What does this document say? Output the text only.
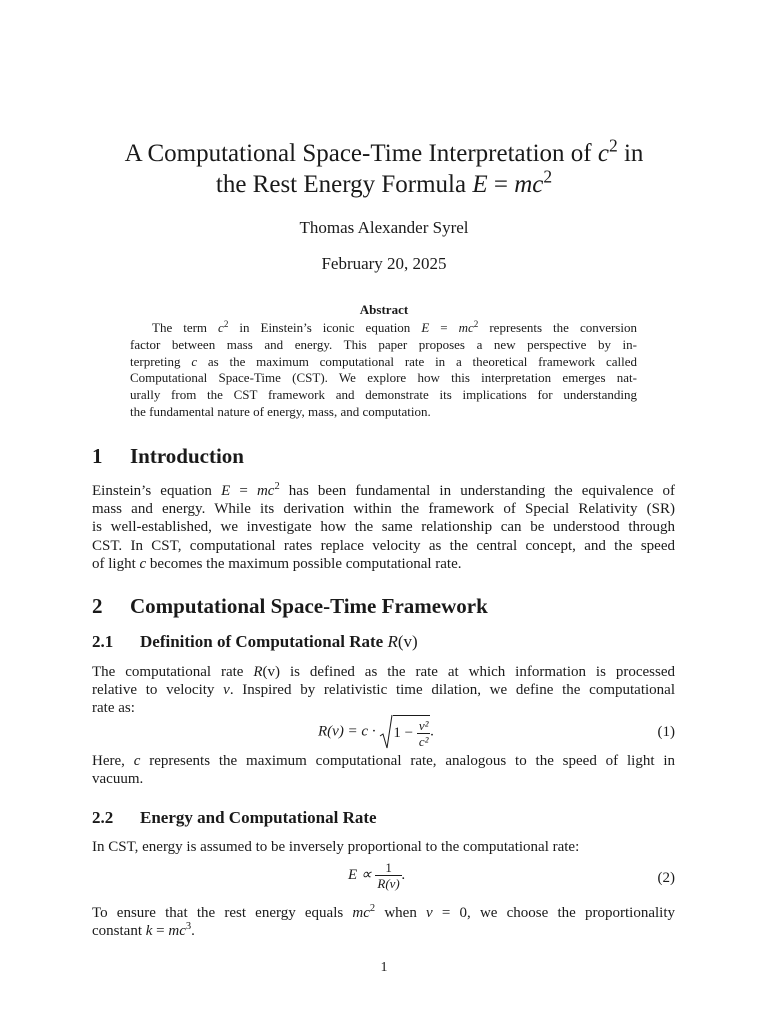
A Computational Space-Time Interpretation of $c^2$ in
the Rest Energy Formula $E = mc^2$
Thomas Alexander Syrel
February 20, 2025
Abstract
The term $c^2$ in Einstein’s iconic equation $E = mc^2$ represents the conversion
factor between mass and energy. This paper proposes a new perspective by in-
terpreting c as the maximum computational rate in a theoretical framework called
Computational Space-Time (CST). We explore how this interpretation emerges nat-
urally from the CST framework and demonstrate its implications for understanding
the fundamental nature of energy, mass, and computation.
1 Introduction
Einstein’s equation $E = mc^2$ has been fundamental in understanding the equivalence of
mass and energy. While its derivation within the framework of Special Relativity (SR)
is well-established, we investigate how the same relationship can be understood through
CST. In CST, computational rates replace velocity as the central concept, and the speed
of light c becomes the maximum possible computational rate.
2 Computational Space-Time Framework
2.1 Definition of Computational Rate R(v)
The computational rate R(v) is defined as the rate at which information is processed
relative to velocity v. Inspired by relativistic time dilation, we define the computational
rate as:
$R(v) = c \cdot 1 - \frac{\text{v²}}{\text{c²}}$ .	(1)
Here, c represents the maximum computational rate, analogous to the speed of light in
vacuum.
2.2 Energy and Computational Rate
In CST, energy is assumed to be inversely proportional to the computational rate:
$E \propto \frac{1}{R(v)}$ .	(2)
To ensure that the rest energy equals $mc^2$ when v = 0, we choose the proportionality
constant $k = mc^3$.
1
